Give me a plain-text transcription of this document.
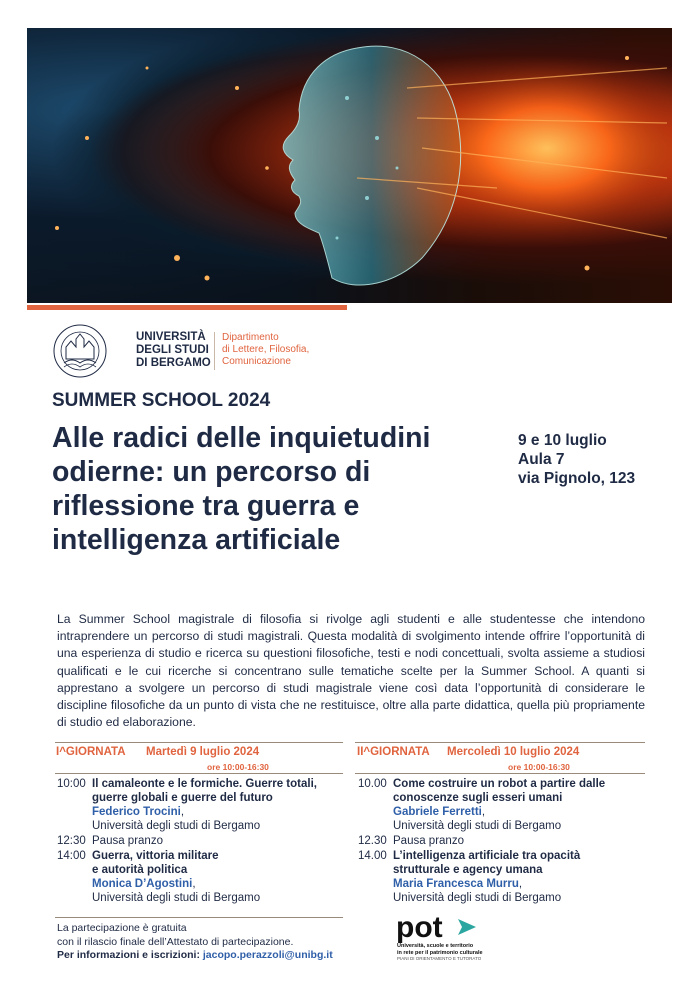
UNIVERSITÀ
DEGLI STUDI
DI BERGAMO
Dipartimento
di Lettere, Filosofia,
Comunicazione
SUMMER SCHOOL 2024
Alle radici delle inquietudini odierne: un percorso di riflessione tra guerra e intelligenza artificiale
9 e 10 luglio
Aula 7
via Pignolo, 123
La Summer School magistrale di filosofia si rivolge agli studenti e alle studentesse che intendono intraprendere un percorso di studi magistrali. Questa modalità di svolgimento intende offrire l’opportunità di una esperienza di studio e ricerca su questioni filosofiche, testi e nodi concettuali, svolta assieme a studiosi qualificati e le cui ricerche si concentrano sulle tematiche scelte per la Summer School. A quanti si apprestano a svolgere un percorso di studi magistrale viene così data l’opportunità di considerare le discipline filosofiche da un punto di vista che ne restituisce, oltre alla parte didattica, quella più propriamente di studio ed elaborazione.
I^GIORNATA Martedì 9 luglio 2024
ore 10:00-16:30
10:00 Il camaleonte e le formiche. Guerre totali,
guerre globali e guerre del futuro
Federico Trocini,
Università degli studi di Bergamo
12:30 Pausa pranzo
14:00 Guerra, vittoria militare
e autorità politica
Monica D’Agostini,
Università degli studi di Bergamo
II^GIORNATA Mercoledì 10 luglio 2024
ore 10:00-16:30
10.00 Come costruire un robot a partire dalle
conoscenze sugli esseri umani
Gabriele Ferretti,
Università degli studi di Bergamo
12.30 Pausa pranzo
14.00 L’intelligenza artificiale tra opacità
strutturale e agency umana
Maria Francesca Murru,
Università degli studi di Bergamo
La partecipazione è gratuita
con il rilascio finale dell’Attestato di partecipazione.
Per informazioni e iscrizioni: jacopo.perazzoli@unibg.it
pot
Università, scuole e territorio
in rete per il patrimonio culturale
PIANI DI ORIENTAMENTO E TUTORATO
